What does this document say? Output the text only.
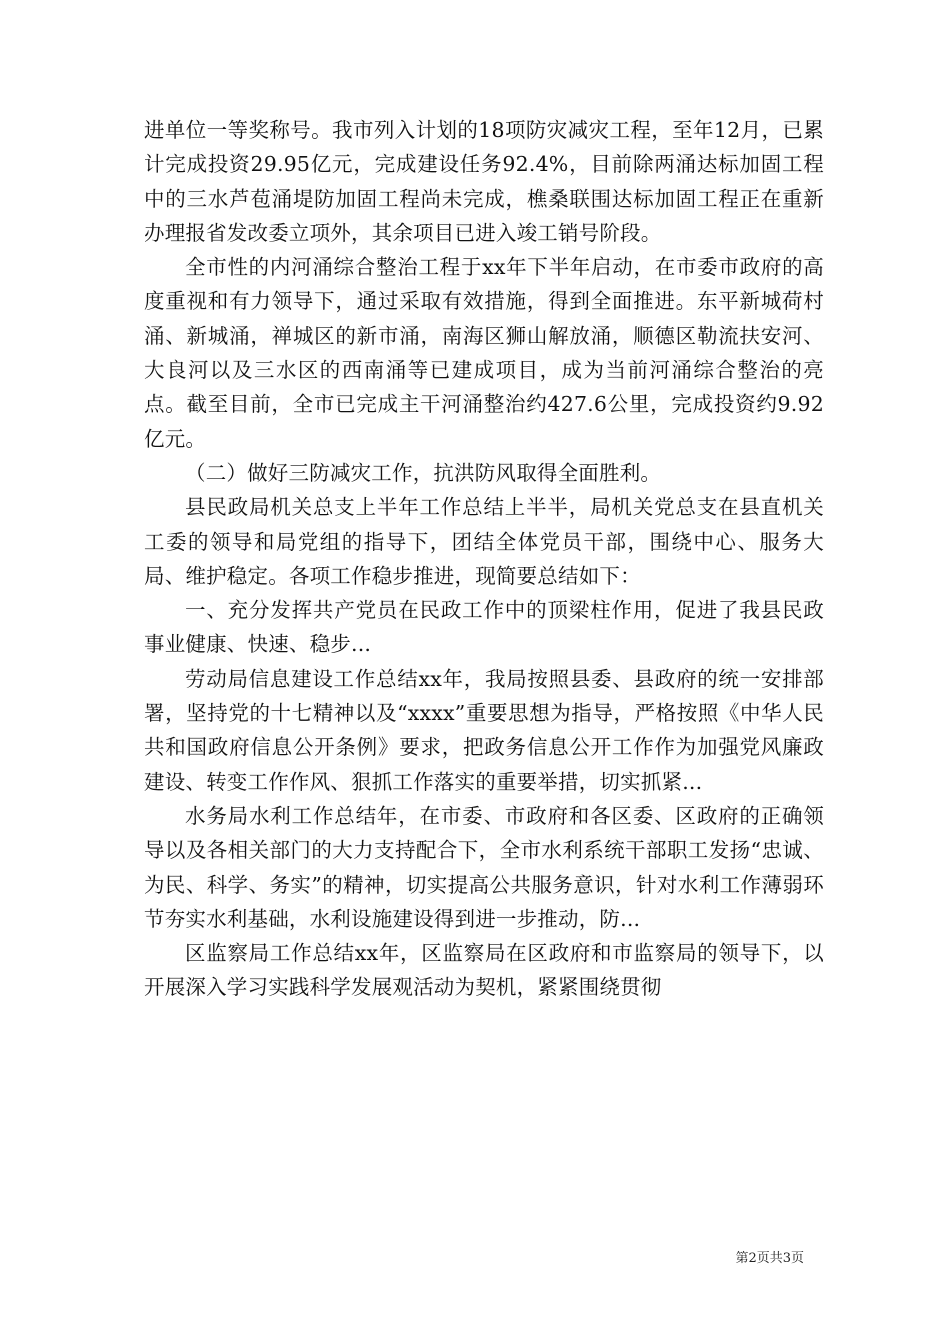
进单位一等奖称号。我市列入计划的18项防灾减灾工程，至年12月，已累计完成投资29.95亿元，完成建设任务92.4%，目前除两涌达标加固工程中的三水芦苞涌堤防加固工程尚未完成，樵桑联围达标加固工程正在重新办理报省发改委立项外，其余项目已进入竣工销号阶段。

全市性的内河涌综合整治工程于xx年下半年启动，在市委市政府的高度重视和有力领导下，通过采取有效措施，得到全面推进。东平新城荷村涌、新城涌，禅城区的新市涌，南海区狮山解放涌，顺德区勒流扶安河、大良河以及三水区的西南涌等已建成项目，成为当前河涌综合整治的亮点。截至目前，全市已完成主干河涌整治约427.6公里，完成投资约9.92亿元。

（二）做好三防减灾工作，抗洪防风取得全面胜利。

县民政局机关总支上半年工作总结上半半，局机关党总支在县直机关工委的领导和局党组的指导下，团结全体党员干部，围绕中心、服务大局、维护稳定。各项工作稳步推进，现简要总结如下：

一、充分发挥共产党员在民政工作中的顶梁柱作用，促进了我县民政事业健康、快速、稳步...

劳动局信息建设工作总结xx年，我局按照县委、县政府的统一安排部署，坚持党的十七精神以及“xxxx”重要思想为指导，严格按照《中华人民共和国政府信息公开条例》要求，把政务信息公开工作作为加强党风廉政建设、转变工作作风、狠抓工作落实的重要举措，切实抓紧...

水务局水利工作总结年，在市委、市政府和各区委、区政府的正确领导以及各相关部门的大力支持配合下，全市水利系统干部职工发扬“忠诚、为民、科学、务实”的精神，切实提高公共服务意识，针对水利工作薄弱环节夯实水利基础，水利设施建设得到进一步推动，防...

区监察局工作总结xx年，区监察局在区政府和市监察局的领导下，以开展深入学习实践科学发展观活动为契机，紧紧围绕贯彻

第2页共3页
